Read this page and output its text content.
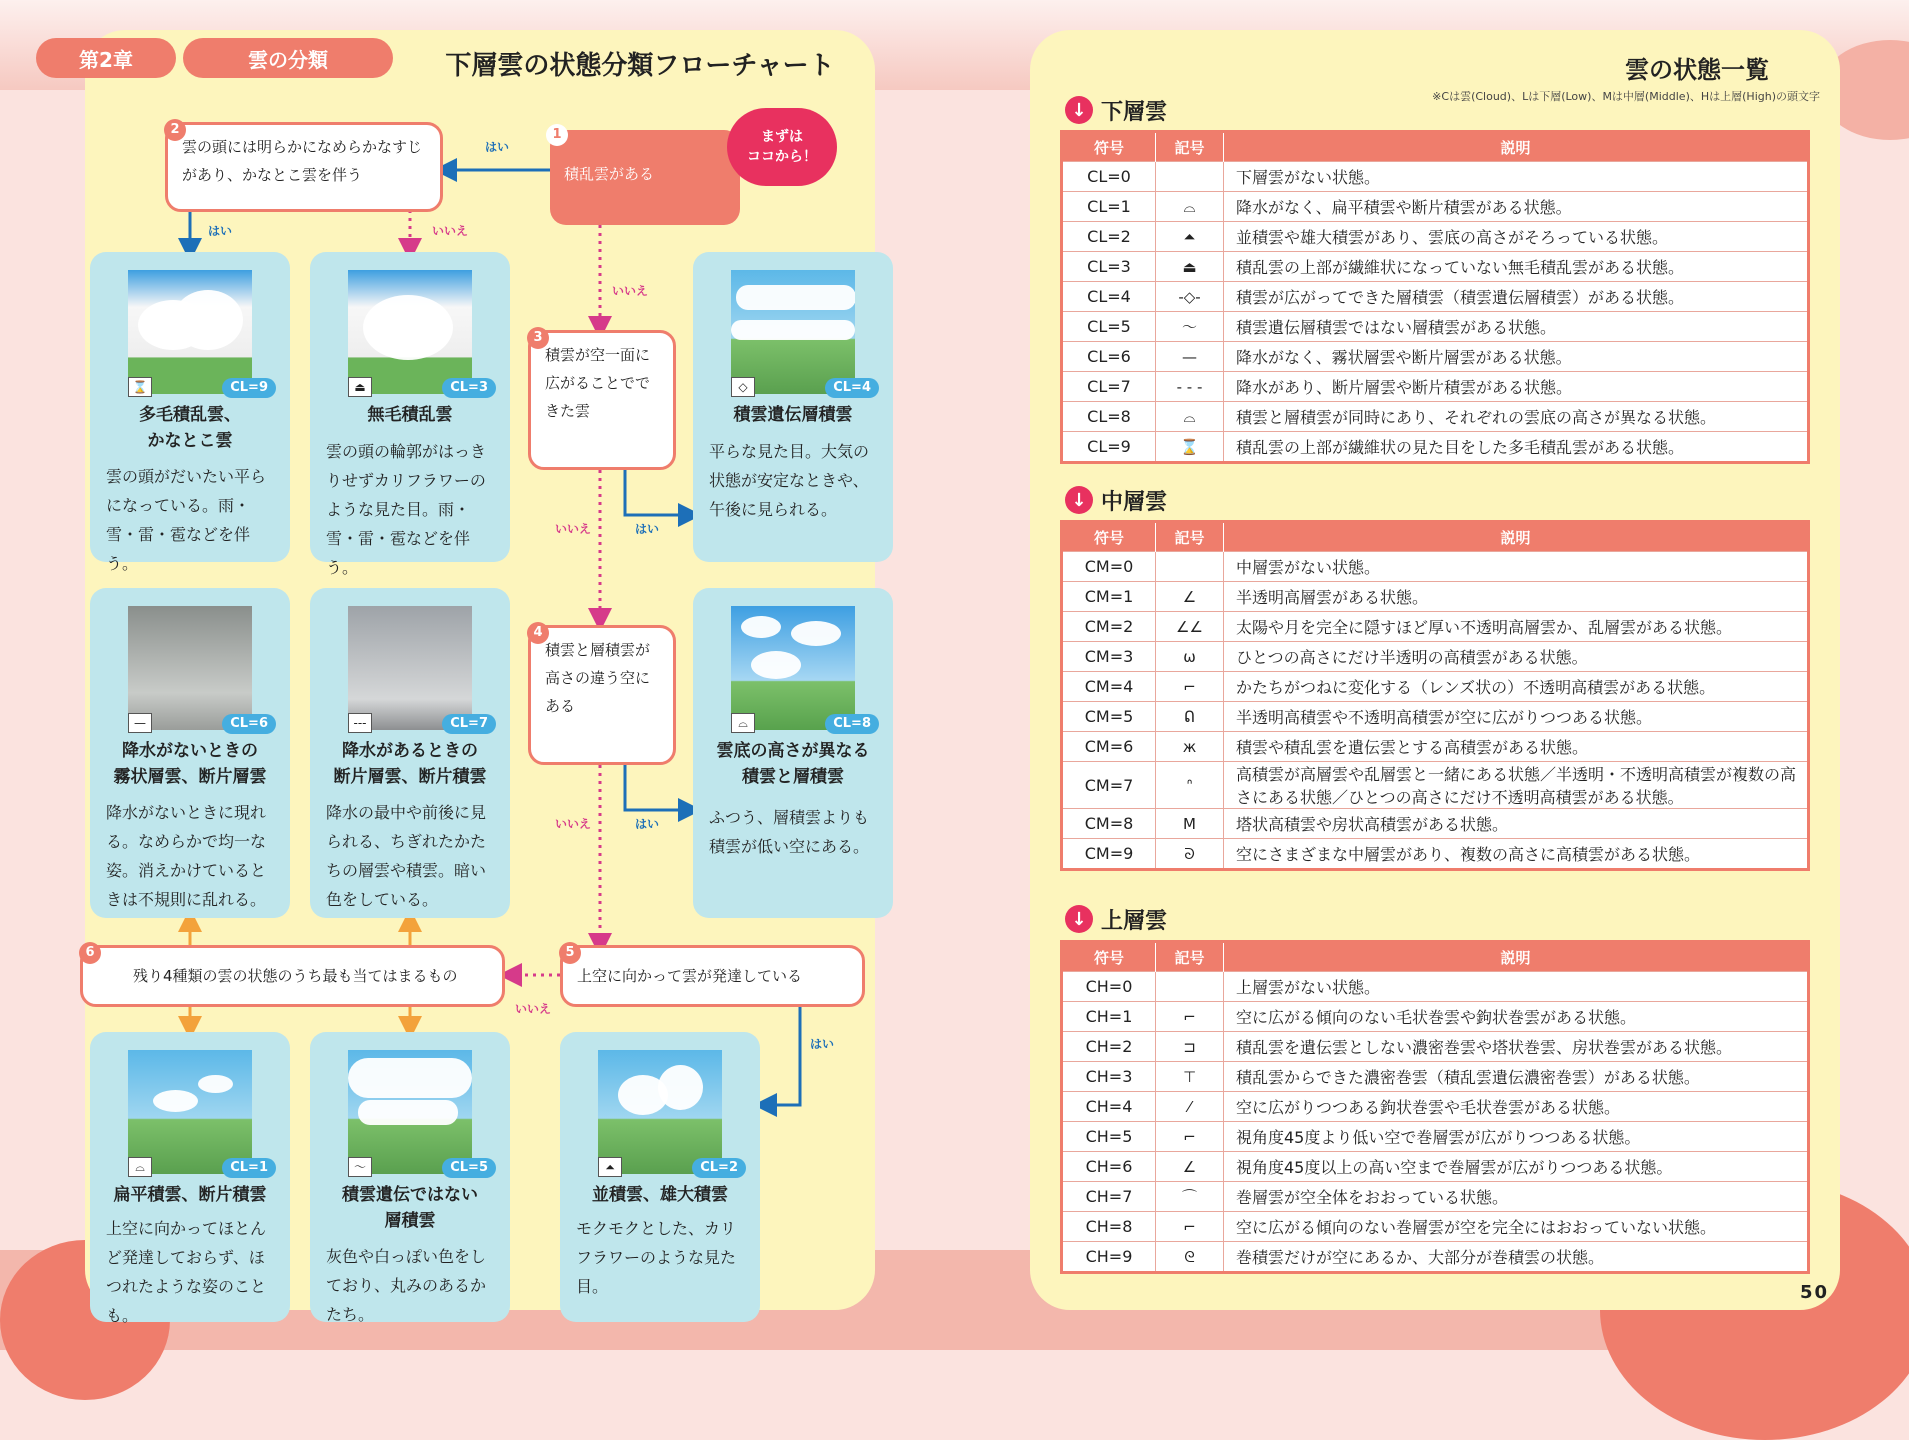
第2章	雲の分類	下層雲の状態分類フローチャート
1
積乱雲がある
2
雲の頭には明らかになめらかなすじがあり、かなとこ雲を伴う
3
積雲が空一面に広がることでできた雲
4
積雲と層積雲が高さの違う空にある
5
上空に向かって雲が発達している
6
残り4種類の雲の状態のうち最も当てはまるもの
まずは
ココから！
はい
はい	いいえ
いいえ
はい
いいえ
はい
いいえ
いいえ
はい
⌛	CL=9
多毛積乱雲、
かなとこ雲
雲の頭がだいたい平らになっている。雨・雪・雷・雹などを伴う。
⏏	CL=3
無毛積乱雲
雲の頭の輪郭がはっきりせずカリフラワーのような見た目。雨・雪・雷・雹などを伴う。
◇	CL=4
積雲遺伝層積雲
平らな見た目。大気の状態が安定なときや、午後に見られる。
—	CL=6
降水がないときの
霧状層雲、断片層雲
降水がないときに現れる。なめらかで均一な姿。消えかけているときは不規則に乱れる。
---	CL=7
降水があるときの
断片層雲、断片積雲
降水の最中や前後に見られる、ちぎれたかたちの層雲や積雲。暗い色をしている。
⌓	CL=8
雲底の高さが異なる
積雲と層積雲
ふつう、層積雲よりも積雲が低い空にある。
⌓	CL=1
扁平積雲、断片積雲
上空に向かってほとんど発達しておらず、ほつれたような姿のことも。
〜	CL=5
積雲遺伝ではない
層積雲
灰色や白っぽい色をしており、丸みのあるかたち。
⏶	CL=2
並積雲、雄大積雲
モクモクとした、カリフラワーのような見た目。
雲の状態一覧
※Cは雲(Cloud)、Lは下層(Low)、Mは中層(Middle)、Hは上層(High)の頭文字
↓ 下層雲
符号	記号	説明
CL=0		下層雲がない状態。
CL=1	⌓	降水がなく、扁平積雲や断片積雲がある状態。
CL=2	⏶	並積雲や雄大積雲があり、雲底の高さがそろっている状態。
CL=3	⏏	積乱雲の上部が繊維状になっていない無毛積乱雲がある状態。
CL=4	-◇-	積雲が広がってできた層積雲（積雲遺伝層積雲）がある状態。
CL=5	〜	積雲遺伝層積雲ではない層積雲がある状態。
CL=6	—	降水がなく、霧状層雲や断片層雲がある状態。
CL=7	- - -	降水があり、断片層雲や断片積雲がある状態。
CL=8	⌓	積雲と層積雲が同時にあり、それぞれの雲底の高さが異なる状態。
CL=9	⌛	積乱雲の上部が繊維状の見た目をした多毛積乱雲がある状態。
↓ 中層雲
符号	記号	説明
CM=0		中層雲がない状態。
CM=1	∠	半透明高層雲がある状態。
CM=2	∠∠	太陽や月を完全に隠すほど厚い不透明高層雲か、乱層雲がある状態。
CM=3	ω	ひとつの高さにだけ半透明の高積雲がある状態。
CM=4	⌐	かたちがつねに変化する（レンズ状の）不透明高積雲がある状態。
CM=5	ᕠ	半透明高積雲や不透明高積雲が空に広がりつつある状態。
CM=6	ж	積雲や積乱雲を遺伝雲とする高積雲がある状態。
CM=7	ᐢ	高積雲が高層雲や乱層雲と一緒にある状態／半透明・不透明高積雲が複数の高さにある状態／ひとつの高さにだけ不透明高積雲がある状態。
CM=8	Ⅿ	塔状高積雲や房状高積雲がある状態。
CM=9	ᘐ	空にさまざまな中層雲があり、複数の高さに高積雲がある状態。
↓ 上層雲
符号	記号	説明
CH=0		上層雲がない状態。
CH=1	⌐	空に広がる傾向のない毛状巻雲や鉤状巻雲がある状態。
CH=2	⊐	積乱雲を遺伝雲としない濃密巻雲や塔状巻雲、房状巻雲がある状態。
CH=3	⊤	積乱雲からできた濃密巻雲（積乱雲遺伝濃密巻雲）がある状態。
CH=4	⁄	空に広がりつつある鉤状巻雲や毛状巻雲がある状態。
CH=5	⌐	視角度45度より低い空で巻層雲が広がりつつある状態。
CH=6	∠	視角度45度以上の高い空まで巻層雲が広がりつつある状態。
CH=7	⌒	巻層雲が空全体をおおっている状態。
CH=8	⌐	空に広がる傾向のない巻層雲が空を完全にはおおっていない状態。
CH=9	ᘓ	巻積雲だけが空にあるか、大部分が巻積雲の状態。
50
